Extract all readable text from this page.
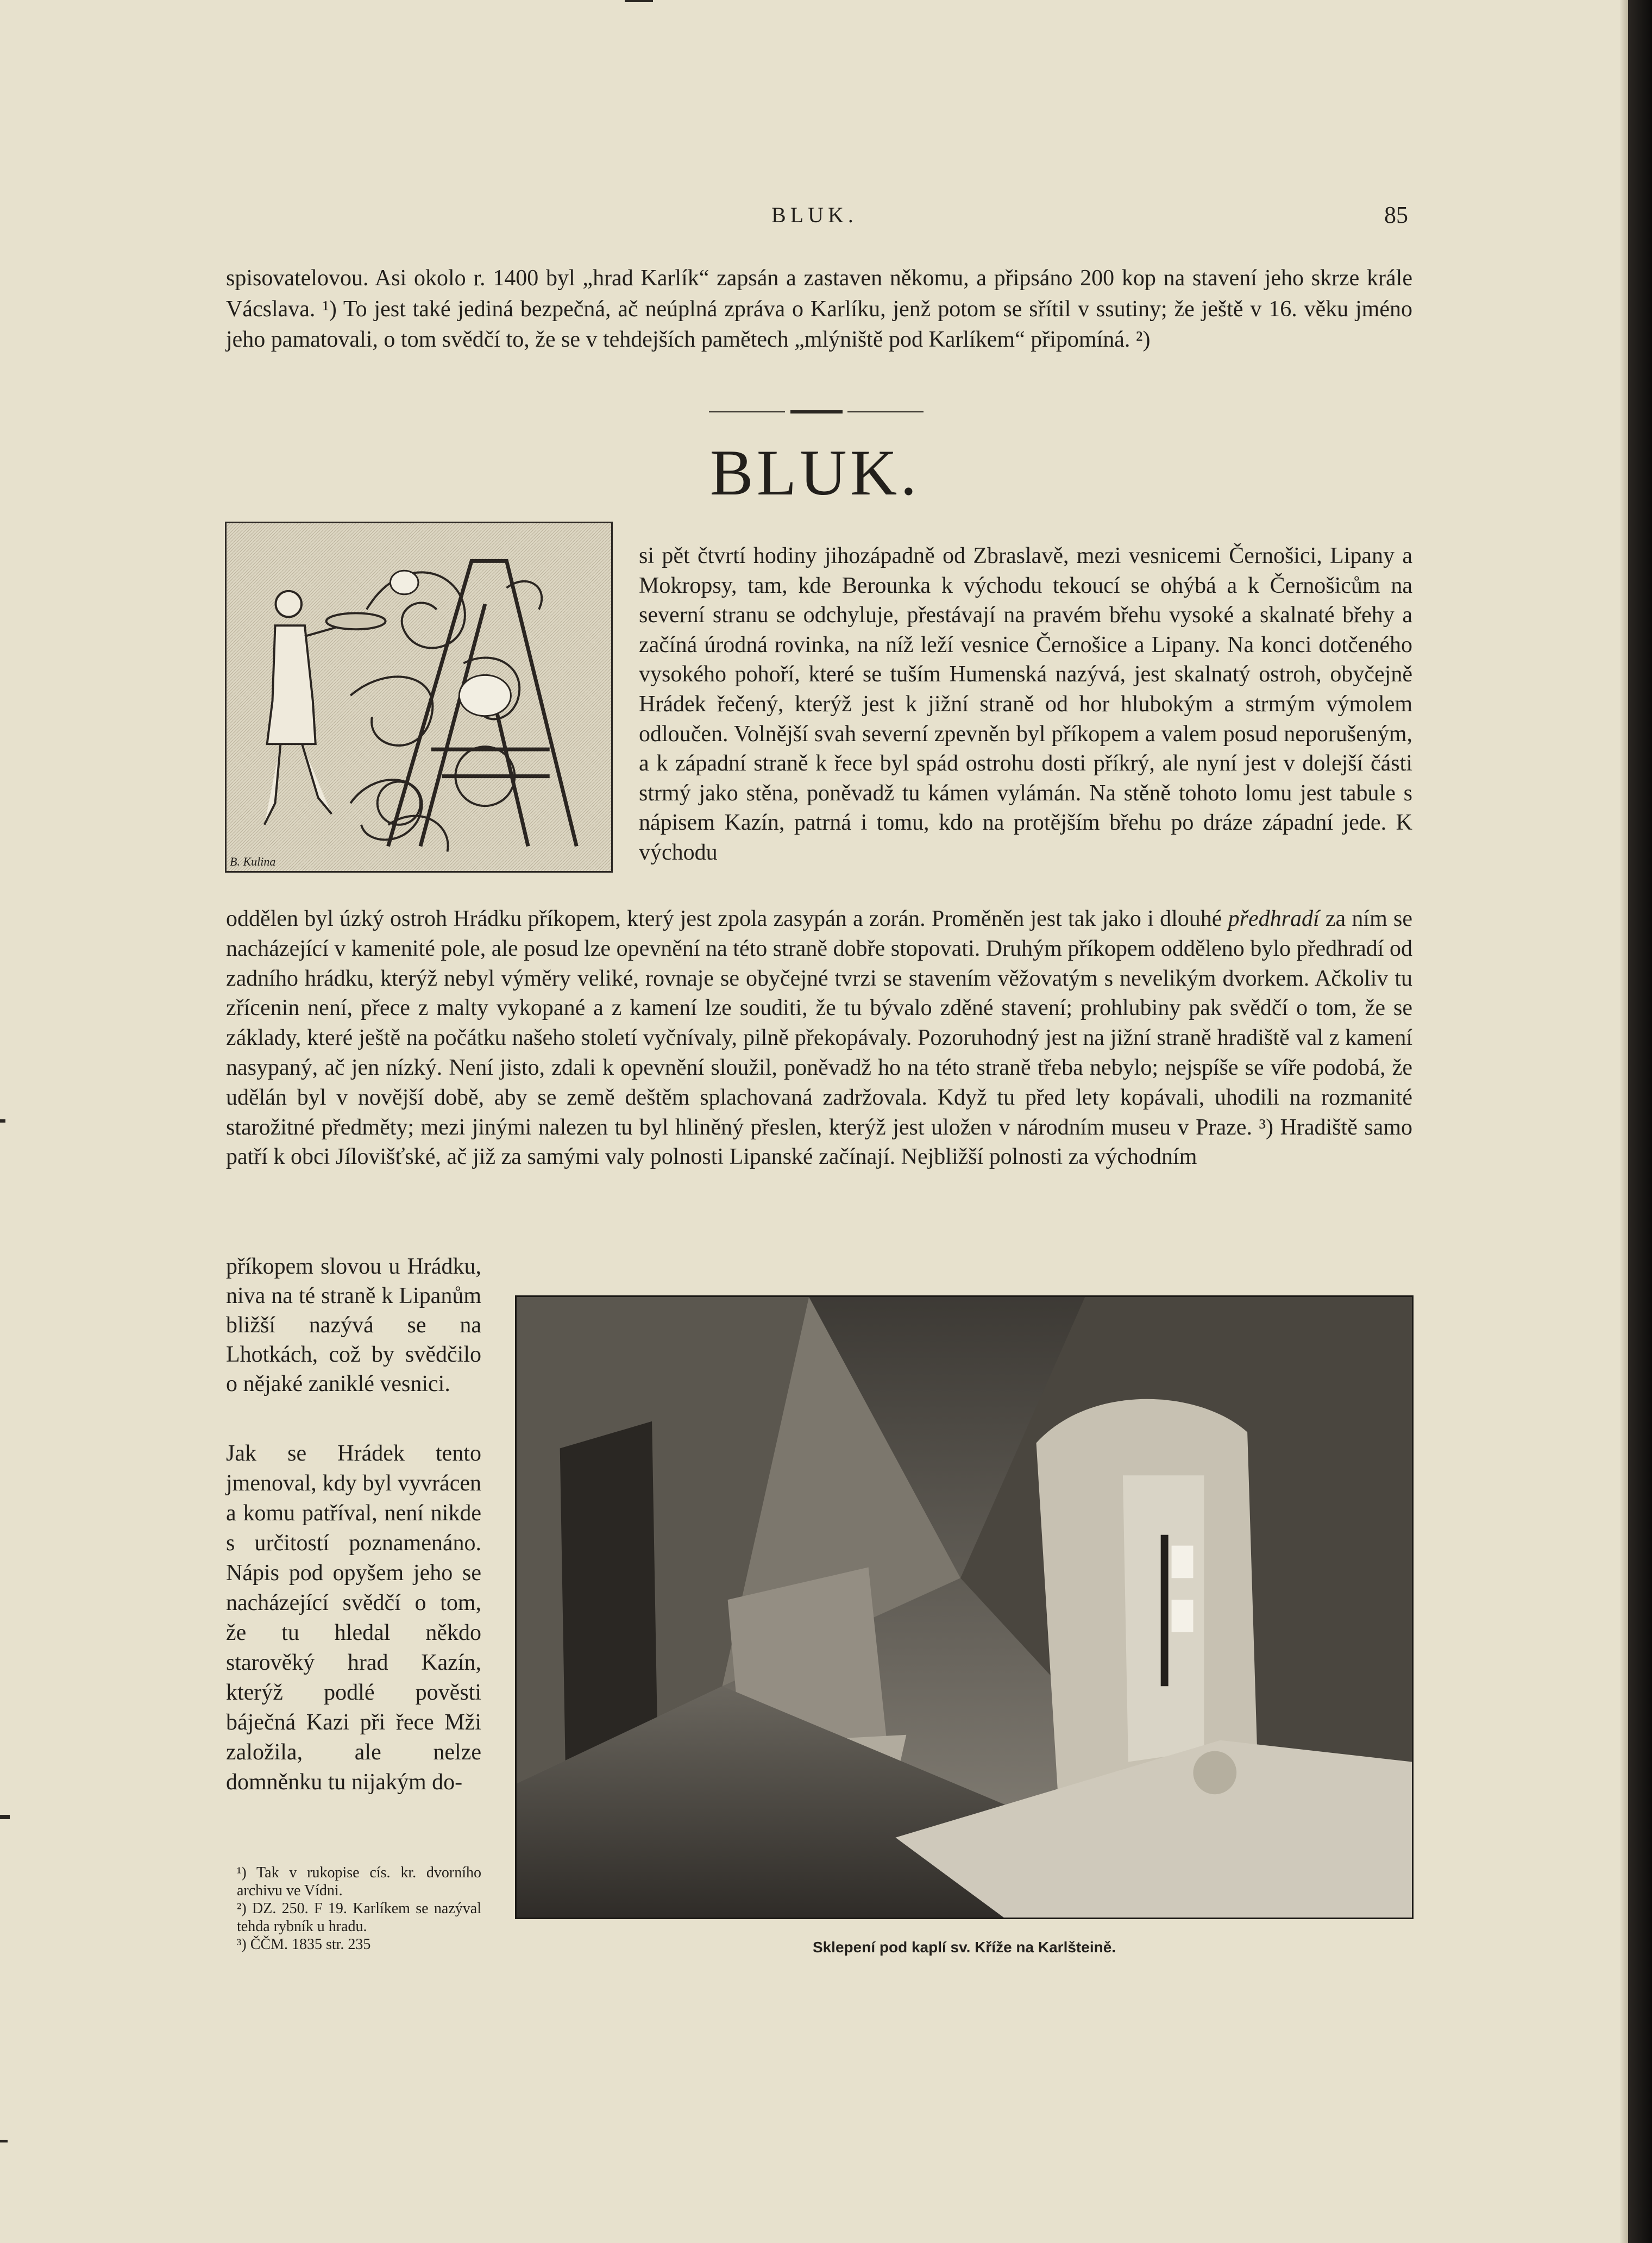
BLUK.	85

spisovatelovou. Asi okolo r. 1400 byl „hrad Karlík“ zapsán a zastaven někomu, a připsáno 200 kop na stavení jeho skrze krále Vácslava. ¹) To jest také jediná bezpečná, ač neúplná zpráva o Karlíku, jenž potom se sřítil v ssutiny; že ještě v 16. věku jméno jeho pamatovali, o tom svědčí to, že se v tehdejších pamětech „mlýniště pod Karlíkem“ připomíná. ²)

BLUK.
B. Kulina

si pět čtvrtí hodiny jihozápadně od Zbraslavě, mezi vesnicemi Černošici, Lipany a Mokropsy, tam, kde Berounka k východu tekoucí se ohýbá a k Černošicům na severní stranu se odchyluje, přestávají na pravém břehu vysoké a skalnaté břehy a začíná úrodná rovinka, na níž leží vesnice Černošice a Lipany. Na konci dotčeného vysokého pohoří, které se tuším Humenská nazývá, jest skalnatý ostroh, obyčejně Hrádek řečený, kterýž jest k jižní straně od hor hlubokým a strmým výmolem odloučen. Volnější svah severní zpevněn byl příkopem a valem posud neporušeným, a k západní straně k řece byl spád ostrohu dosti příkrý, ale nyní jest v dolejší části strmý jako stěna, poněvadž tu kámen vylámán. Na stěně tohoto lomu jest tabule s nápisem Kazín, patrná i tomu, kdo na protějším břehu po dráze západní jede. K východu

oddělen byl úzký ostroh Hrádku příkopem, který jest zpola zasypán a zorán. Proměněn jest tak jako i dlouhé předhradí za ním se nacházející v kamenité pole, ale posud lze opevnění na této straně dobře stopovati. Druhým příkopem odděleno bylo předhradí od zadního hrádku, kterýž nebyl výměry veliké, rovnaje se obyčejné tvrzi se stavením věžovatým s nevelikým dvorkem. Ačkoliv tu zřícenin není, přece z malty vykopané a z kamení lze souditi, že tu bývalo zděné stavení; prohlubiny pak svědčí o tom, že se základy, které ještě na počátku našeho století vyčnívaly, pilně překopávaly. Pozoruhodný jest na jižní straně hradiště val z kamení nasypaný, ač jen nízký. Není jisto, zdali k opevnění sloužil, poněvadž ho na této straně třeba nebylo; nejspíše se víře podobá, že udělán byl v novější době, aby se země deštěm splachovaná zadržovala. Když tu před lety kopávali, uhodili na rozmanité starožitné předměty; mezi jinými nalezen tu byl hliněný přeslen, kterýž jest uložen v národním museu v Praze. ³) Hradiště samo patří k obci Jílovišťské, ač již za samými valy polnosti Lipanské začínají. Nejbližší polnosti za východním

příkopem slovou u Hrádku, niva na té straně k Lipanům bližší nazývá se na Lhotkách, což by svědčilo o nějaké zaniklé vesnici.

Jak se Hrádek tento jmenoval, kdy byl vyvrácen a komu patříval, není nikde s určitostí poznamenáno. Nápis pod opyšem jeho se nacházející svědčí o tom, že tu hledal někdo starověký hrad Kazín, kterýž podlé pověsti báječná Kazi při řece Mži založila, ale nelze domněnku tu nijakým do-

Sklepení pod kaplí sv. Kříže na Karlšteině.

¹) Tak v rukopise cís. kr. dvorního archivu ve Vídni.

²) DZ. 250. F 19. Karlíkem se nazýval tehda rybník u hradu.

³) ČČM. 1835 str. 235
